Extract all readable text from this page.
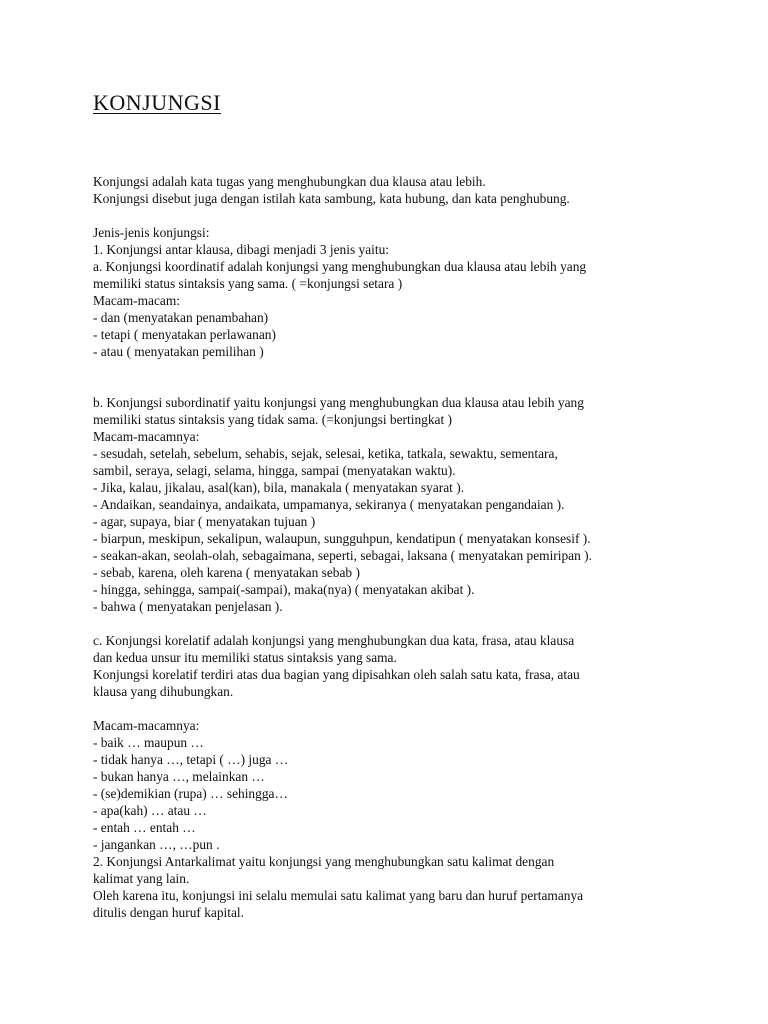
KONJUNGSI
Konjungsi adalah kata tugas yang menghubungkan dua klausa atau lebih.
Konjungsi disebut juga dengan istilah kata sambung, kata hubung, dan kata penghubung.
Jenis-jenis konjungsi:
1. Konjungsi antar klausa, dibagi menjadi 3 jenis yaitu:
a. Konjungsi koordinatif adalah konjungsi yang menghubungkan dua klausa atau lebih yang
memiliki status sintaksis yang sama. ( =konjungsi setara )
Macam-macam:
- dan (menyatakan penambahan)
- tetapi ( menyatakan perlawanan)
- atau ( menyatakan pemilihan )
b. Konjungsi subordinatif yaitu konjungsi yang menghubungkan dua klausa atau lebih yang
memiliki status sintaksis yang tidak sama. (=konjungsi bertingkat )
Macam-macamnya:
- sesudah, setelah, sebelum, sehabis, sejak, selesai, ketika, tatkala, sewaktu, sementara,
sambil, seraya, selagi, selama, hingga, sampai (menyatakan waktu).
- Jika, kalau, jikalau, asal(kan), bila, manakala ( menyatakan syarat ).
- Andaikan, seandainya, andaikata, umpamanya, sekiranya ( menyatakan pengandaian ).
- agar, supaya, biar ( menyatakan tujuan )
- biarpun, meskipun, sekalipun, walaupun, sungguhpun, kendatipun ( menyatakan konsesif ).
- seakan-akan, seolah-olah, sebagaimana, seperti, sebagai, laksana ( menyatakan pemiripan ).
- sebab, karena, oleh karena ( menyatakan sebab )
- hingga, sehingga, sampai(-sampai), maka(nya) ( menyatakan akibat ).
- bahwa ( menyatakan penjelasan ).
c. Konjungsi korelatif adalah konjungsi yang menghubungkan dua kata, frasa, atau klausa
dan kedua unsur itu memiliki status sintaksis yang sama.
Konjungsi korelatif terdiri atas dua bagian yang dipisahkan oleh salah satu kata, frasa, atau
klausa yang dihubungkan.
Macam-macamnya:
- baik … maupun …
- tidak hanya …, tetapi ( …) juga …
- bukan hanya …, melainkan …
- (se)demikian (rupa) … sehingga…
- apa(kah) … atau …
- entah … entah …
- jangankan …, …pun .
2. Konjungsi Antarkalimat yaitu konjungsi yang menghubungkan satu kalimat dengan
kalimat yang lain.
Oleh karena itu, konjungsi ini selalu memulai satu kalimat yang baru dan huruf pertamanya
ditulis dengan huruf kapital.
